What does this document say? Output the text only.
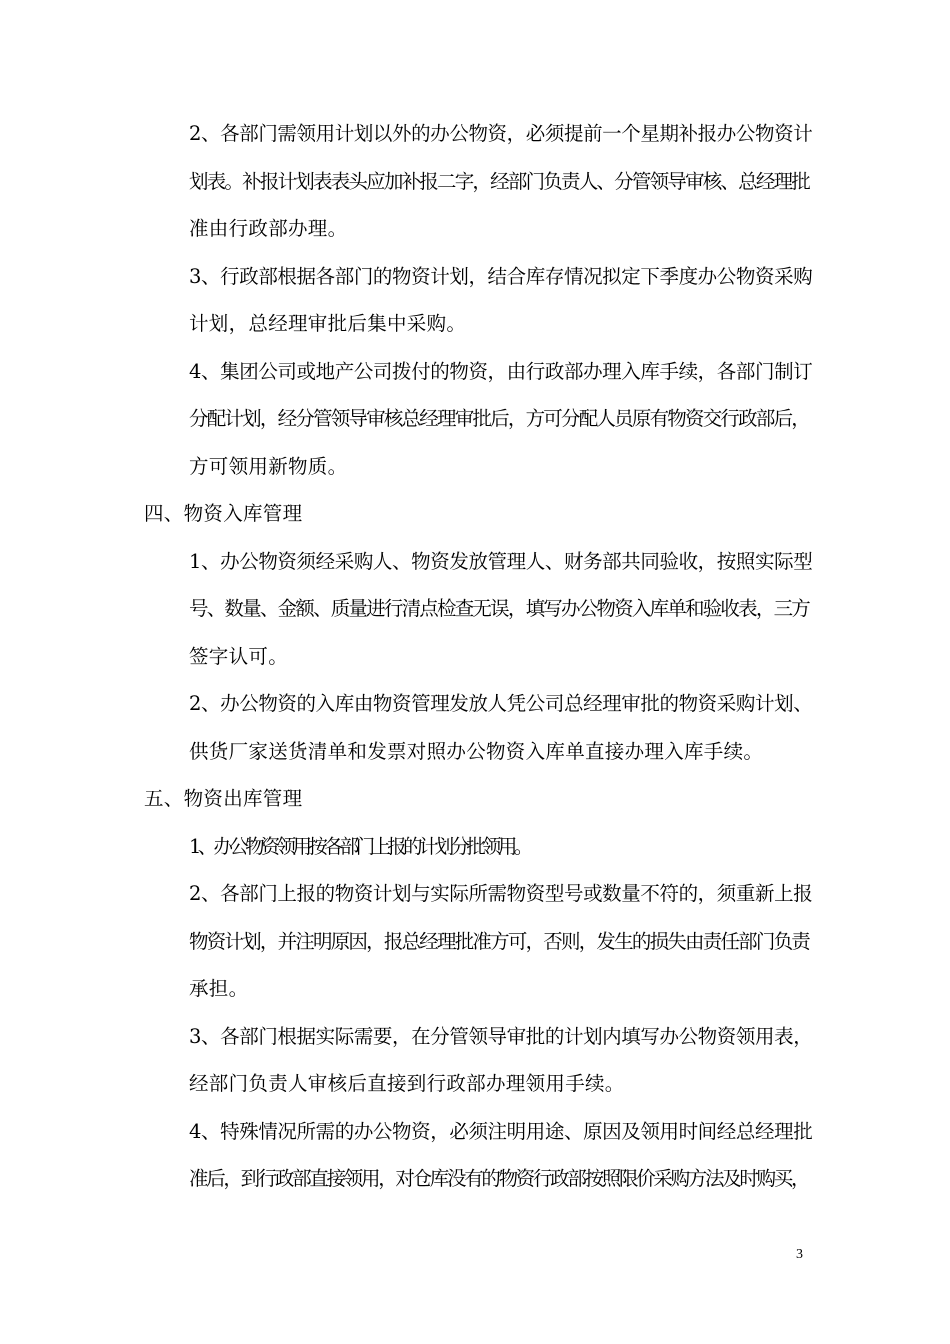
2、各部门需领用计划以外的办公物资，必须提前一个星期补报办公物资计
划表。补报计划表表头应加补报二字，经部门负责人、分管领导审核、总经理批
准由行政部办理。

3、行政部根据各部门的物资计划，结合库存情况拟定下季度办公物资采购
计划，总经理审批后集中采购。

4、集团公司或地产公司拨付的物资，由行政部办理入库手续，各部门制订
分配计划，经分管领导审核总经理审批后，方可分配人员原有物资交行政部后，
方可领用新物质。

四、物资入库管理

1、办公物资须经采购人、物资发放管理人、财务部共同验收，按照实际型
号、数量、金额、质量进行清点检查无误，填写办公物资入库单和验收表，三方
签字认可。

2、办公物资的入库由物资管理发放人凭公司总经理审批的物资采购计划、
供货厂家送货清单和发票对照办公物资入库单直接办理入库手续。

五、物资出库管理

1、办公物资领用按各部门上报的计划分批领用。

2、各部门上报的物资计划与实际所需物资型号或数量不符的，须重新上报
物资计划，并注明原因，报总经理批准方可，否则，发生的损失由责任部门负责
承担。

3、各部门根据实际需要，在分管领导审批的计划内填写办公物资领用表，
经部门负责人审核后直接到行政部办理领用手续。

4、特殊情况所需的办公物资，必须注明用途、原因及领用时间经总经理批
准后，到行政部直接领用，对仓库没有的物资行政部按照限价采购方法及时购买，

3
